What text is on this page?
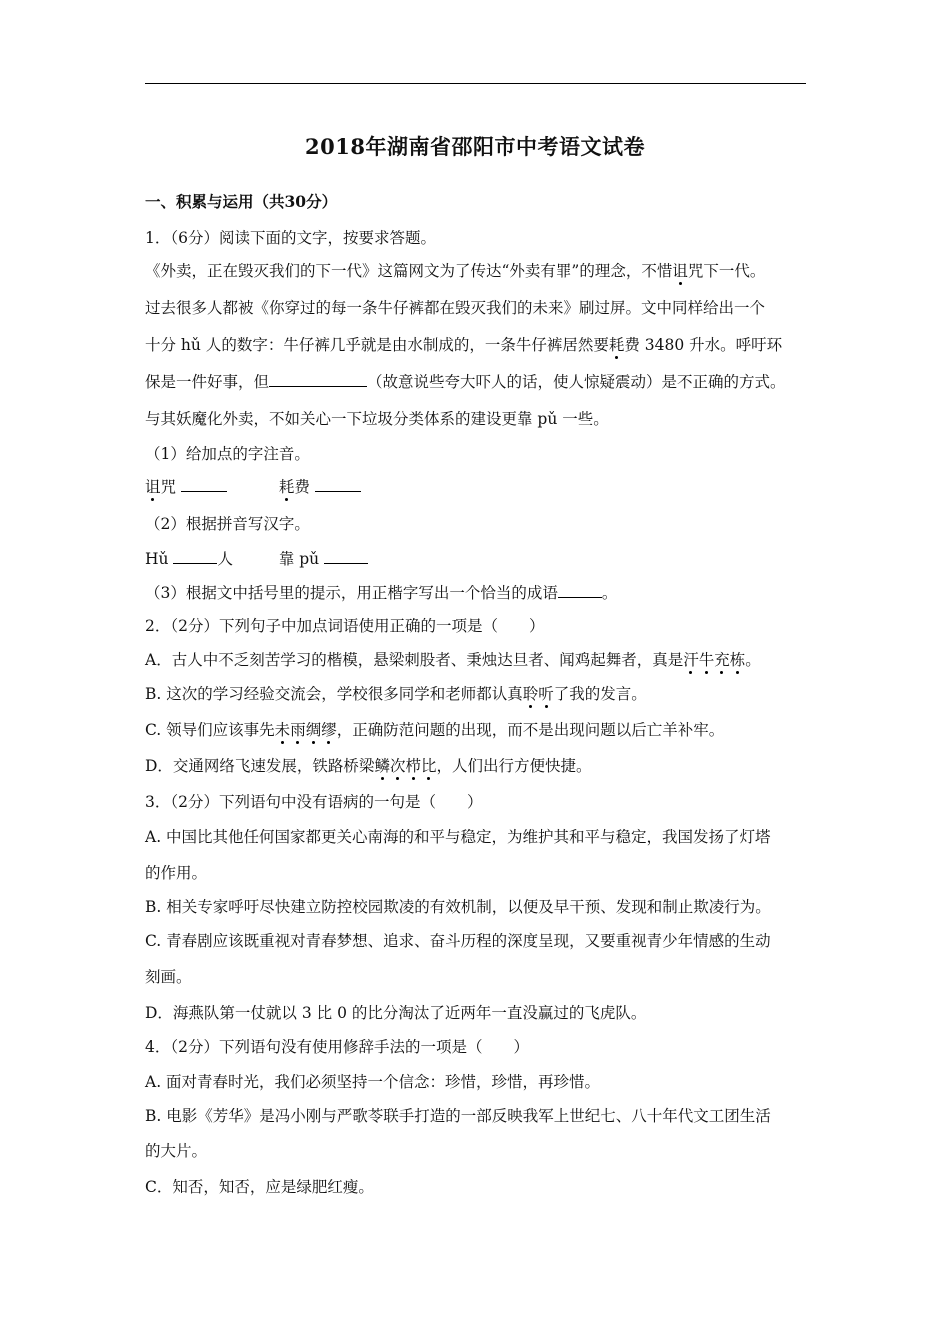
2018年湖南省邵阳市中考语文试卷
一、积累与运用（共30分）
1．（6分）阅读下面的文字，按要求答题。
《外卖，正在毁灭我们的下一代》这篇网文为了传达“外卖有罪”的理念，不惜诅咒下一代。
过去很多人都被《你穿过的每一条牛仔裤都在毁灭我们的未来》刷过屏。文中同样给出一个
十分 hǔ 人的数字：牛仔裤几乎就是由水制成的，一条牛仔裤居然要耗费 3480 升水。呼吁环
保是一件好事，但	（故意说些夸大吓人的话，使人惊疑震动）是不正确的方式。
与其妖魔化外卖，不如关心一下垃圾分类体系的建设更靠 pǔ 一些。
（1）给加点的字注音。
诅咒	耗费
（2）根据拼音写汉字。
Hǔ	人	靠 pǔ
（3）根据文中括号里的提示，用正楷字写出一个恰当的成语	。
2．（2分）下列句子中加点词语使用正确的一项是（　　）
A．古人中不乏刻苦学习的楷模，悬梁刺股者、秉烛达旦者、闻鸡起舞者，真是汗牛充栋。
B. 这次的学习经验交流会，学校很多同学和老师都认真聆听了我的发言。
C. 领导们应该事先未雨绸缪，正确防范问题的出现，而不是出现问题以后亡羊补牢。
D．交通网络飞速发展，铁路桥梁鳞次栉比，人们出行方便快捷。
3．（2分）下列语句中没有语病的一句是（　　）
A. 中国比其他任何国家都更关心南海的和平与稳定，为维护其和平与稳定，我国发扬了灯塔
的作用。
B. 相关专家呼吁尽快建立防控校园欺凌的有效机制，以便及早干预、发现和制止欺凌行为。
C. 青春剧应该既重视对青春梦想、追求、奋斗历程的深度呈现，又要重视青少年情感的生动
刻画。
D．海燕队第一仗就以 3 比 0 的比分淘汰了近两年一直没赢过的飞虎队。
4．（2分）下列语句没有使用修辞手法的一项是（　　）
A. 面对青春时光，我们必须坚持一个信念：珍惜，珍惜，再珍惜。
B. 电影《芳华》是冯小刚与严歌苓联手打造的一部反映我军上世纪七、八十年代文工团生活
的大片。
C．知否，知否，应是绿肥红瘦。
